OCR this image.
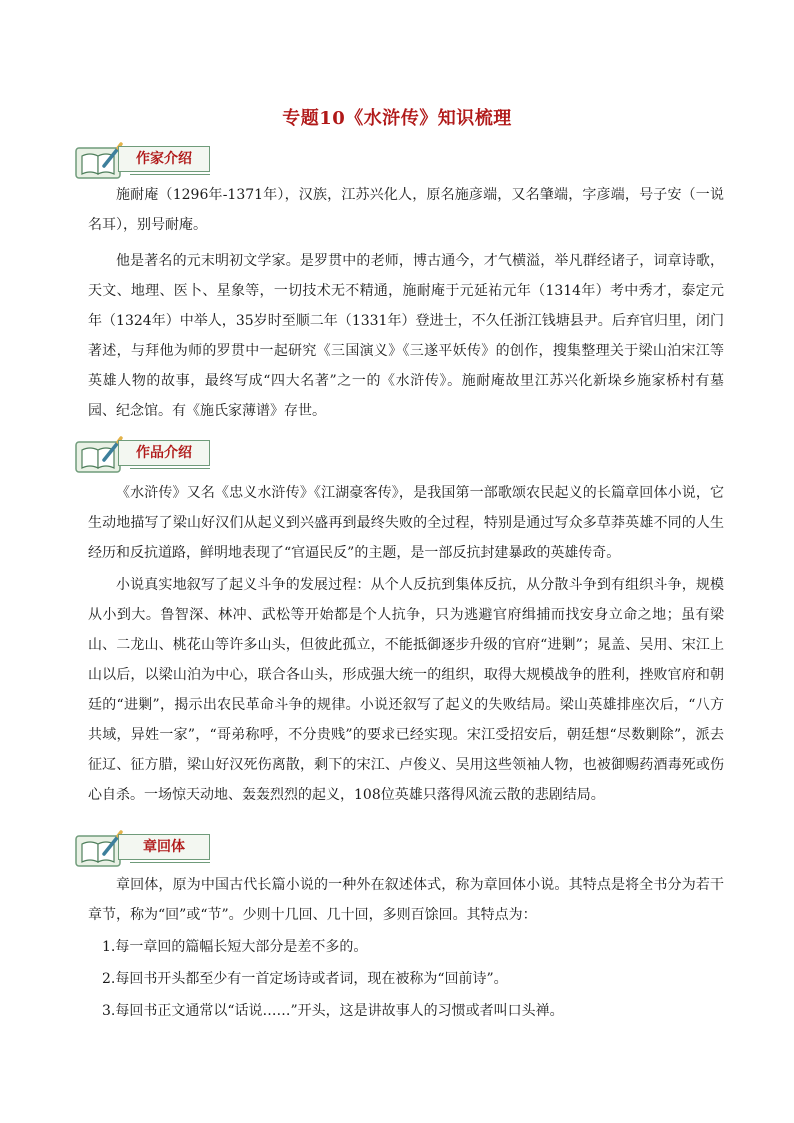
专题10《水浒传》知识梳理
作家介绍

施耐庵（1296年-1371年），汉族，江苏兴化人，原名施彦端，又名肇端，字彦端，号子安（一说名耳），别号耐庵。

他是著名的元末明初文学家。是罗贯中的老师，博古通今，才气横溢，举凡群经诸子，词章诗歌，天文、地理、医卜、星象等，一切技术无不精通，施耐庵于元延祐元年（1314年）考中秀才，泰定元年（1324年）中举人，35岁时至顺二年（1331年）登进士，不久任浙江钱塘县尹。后弃官归里，闭门著述，与拜他为师的罗贯中一起研究《三国演义》《三遂平妖传》的创作，搜集整理关于梁山泊宋江等英雄人物的故事，最终写成“四大名著”之一的《水浒传》。施耐庵故里江苏兴化新垛乡施家桥村有墓园、纪念馆。有《施氏家薄谱》存世。

作品介绍

《水浒传》又名《忠义水浒传》《江湖豪客传》，是我国第一部歌颂农民起义的长篇章回体小说，它生动地描写了梁山好汉们从起义到兴盛再到最终失败的全过程，特别是通过写众多草莽英雄不同的人生经历和反抗道路，鲜明地表现了“官逼民反”的主题，是一部反抗封建暴政的英雄传奇。

小说真实地叙写了起义斗争的发展过程：从个人反抗到集体反抗，从分散斗争到有组织斗争，规模从小到大。鲁智深、林冲、武松等开始都是个人抗争，只为逃避官府缉捕而找安身立命之地；虽有梁山、二龙山、桃花山等许多山头，但彼此孤立，不能抵御逐步升级的官府“进剿”；晁盖、吴用、宋江上山以后，以梁山泊为中心，联合各山头，形成强大统一的组织，取得大规模战争的胜利，挫败官府和朝廷的“进剿”，揭示出农民革命斗争的规律。小说还叙写了起义的失败结局。梁山英雄排座次后，“八方共域，异姓一家”，“哥弟称呼，不分贵贱”的要求已经实现。宋江受招安后，朝廷想“尽数剿除”，派去征辽、征方腊，梁山好汉死伤离散，剩下的宋江、卢俊义、吴用这些领袖人物，也被御赐药酒毒死或伤心自杀。一场惊天动地、轰轰烈烈的起义，108位英雄只落得风流云散的悲剧结局。

章回体

章回体，原为中国古代长篇小说的一种外在叙述体式，称为章回体小说。其特点是将全书分为若干章节，称为“回”或“节”。少则十几回、几十回，多则百馀回。其特点为：

1.每一章回的篇幅长短大部分是差不多的。

2.每回书开头都至少有一首定场诗或者词，现在被称为“回前诗”。

3.每回书正文通常以“话说……”开头，这是讲故事人的习惯或者叫口头禅。
